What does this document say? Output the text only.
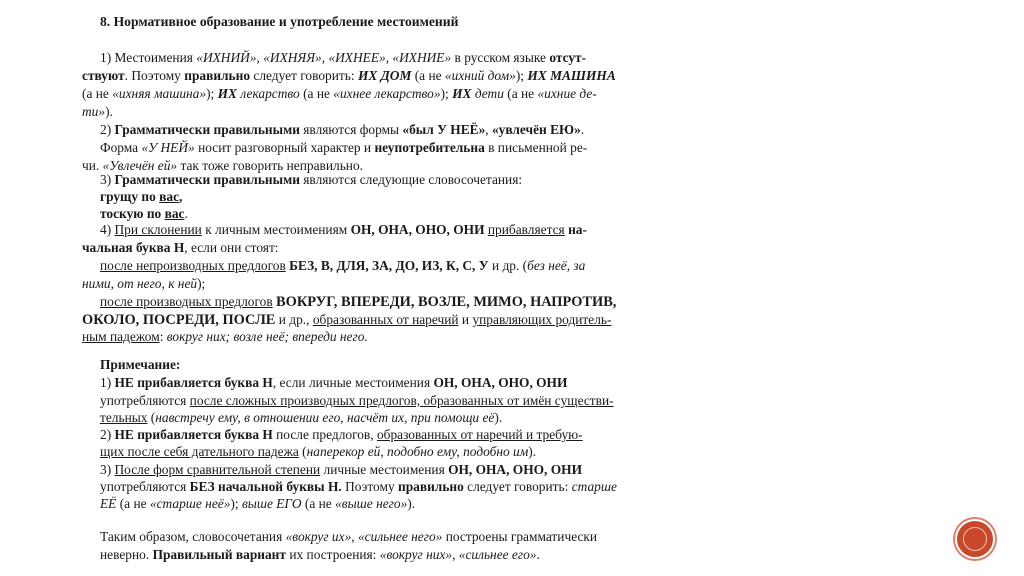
8. Нормативное образование и употребление местоимений
1) Местоимения «ИХНИЙ», «ИХНЯЯ», «ИХНЕЕ», «ИХНИЕ» в русском языке отсут-
ствуют. Поэтому правильно следует говорить: ИХ ДОМ (а не «ихний дом»); ИХ МАШИНА
(а не «ихняя машина»); ИХ лекарство (а не «ихнее лекарство»); ИХ дети (а не «ихние де-
ти»).
2) Грамматически правильными являются формы «был У НЕЁ», «увлечён ЕЮ».
Форма «У НЕЙ» носит разговорный характер и неупотребительна в письменной ре-
чи. «Увлечён ей» так тоже говорить неправильно.
3) Грамматически правильными являются следующие словосочетания:
грущу по вас,
тоскую по вас.
4) При склонении к личным местоимениям ОН, ОНА, ОНО, ОНИ прибавляется на-
чальная буква Н, если они стоят:
после непроизводных предлогов БЕЗ, В, ДЛЯ, ЗА, ДО, ИЗ, К, С, У и др. (без неё, за
ними, от него, к ней);
после производных предлогов ВОКРУГ, ВПЕРЕДИ, ВОЗЛЕ, МИМО, НАПРОТИВ,
ОКОЛО, ПОСРЕДИ, ПОСЛЕ и др., образованных от наречий и управляющих родитель-
ным падежом: вокруг них; возле неё; впереди него.
Примечание:
1) НЕ прибавляется буква Н, если личные местоимения ОН, ОНА, ОНО, ОНИ
употребляются после сложных производных предлогов, образованных от имён существи-
тельных (навстречу ему, в отношении его, насчёт их, при помощи её).
2) НЕ прибавляется буква Н после предлогов, образованных от наречий и требую-
щих после себя дательного падежа (наперекор ей, подобно ему, подобно им).
3) После форм сравнительной степени личные местоимения ОН, ОНА, ОНО, ОНИ
употребляются БЕЗ начальной буквы Н. Поэтому правильно следует говорить: старше
ЕЁ (а не «старше неё»); выше ЕГО (а не «выше него»).
Таким образом, словосочетания «вокруг их», «сильнее него» построены грамматически
неверно. Правильный вариант их построения: «вокруг них», «сильнее его».
